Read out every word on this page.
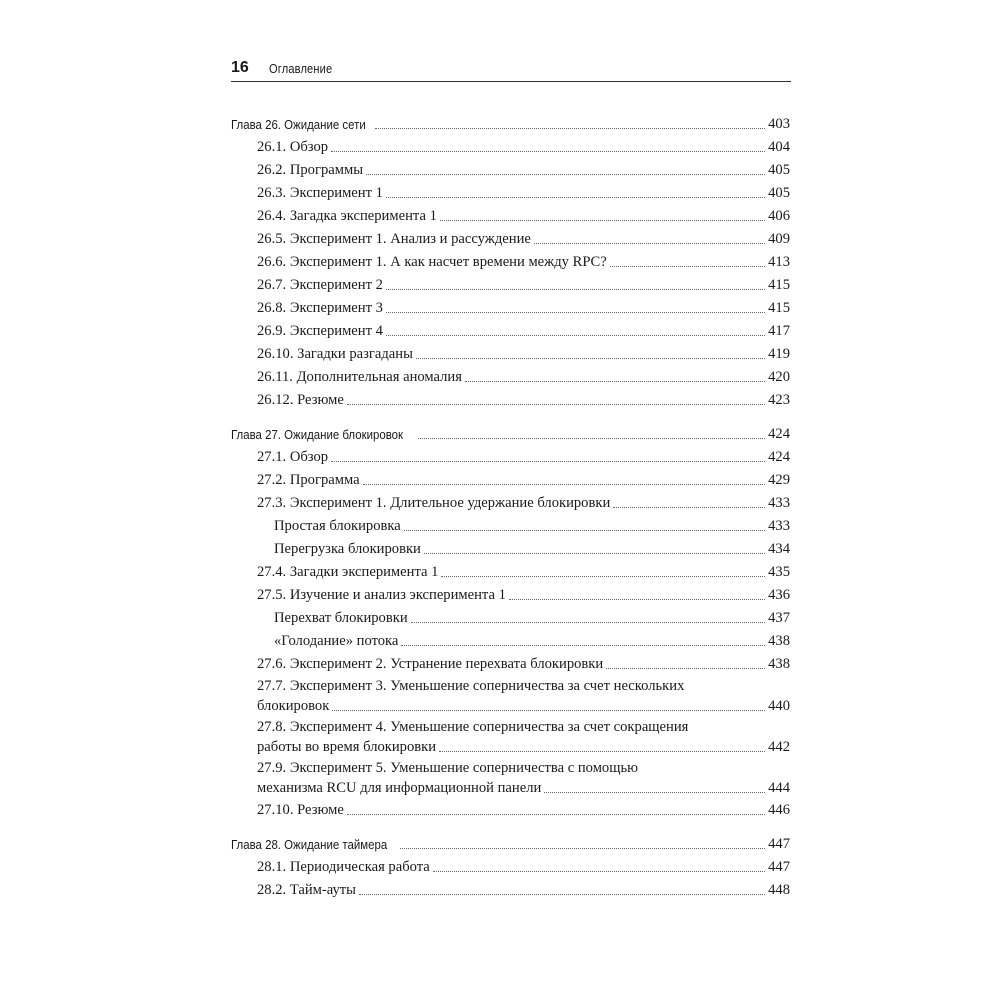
16 Оглавление
Глава 26. Ожидание сети	403
26.1. Обзор	404
26.2. Программы	405
26.3. Эксперимент 1	405
26.4. Загадка эксперимента 1	406
26.5. Эксперимент 1. Анализ и рассуждение	409
26.6. Эксперимент 1. А как насчет времени между RPC?	413
26.7. Эксперимент 2	415
26.8. Эксперимент 3	415
26.9. Эксперимент 4	417
26.10. Загадки разгаданы	419
26.11. Дополнительная аномалия	420
26.12. Резюме	423
Глава 27. Ожидание блокировок	424
27.1. Обзор	424
27.2. Программа	429
27.3. Эксперимент 1. Длительное удержание блокировки	433
Простая блокировка	433
Перегрузка блокировки	434
27.4. Загадки эксперимента 1	435
27.5. Изучение и анализ эксперимента 1	436
Перехват блокировки	437
«Голодание» потока	438
27.6. Эксперимент 2. Устранение перехвата блокировки	438
27.7. Эксперимент 3. Уменьшение соперничества за счет нескольких
блокировок	440
27.8. Эксперимент 4. Уменьшение соперничества за счет сокращения
работы во время блокировки	442
27.9. Эксперимент 5. Уменьшение соперничества с помощью
механизма RCU для информационной панели	444
27.10. Резюме	446
Глава 28. Ожидание таймера	447
28.1. Периодическая работа	447
28.2. Тайм-ауты	448
